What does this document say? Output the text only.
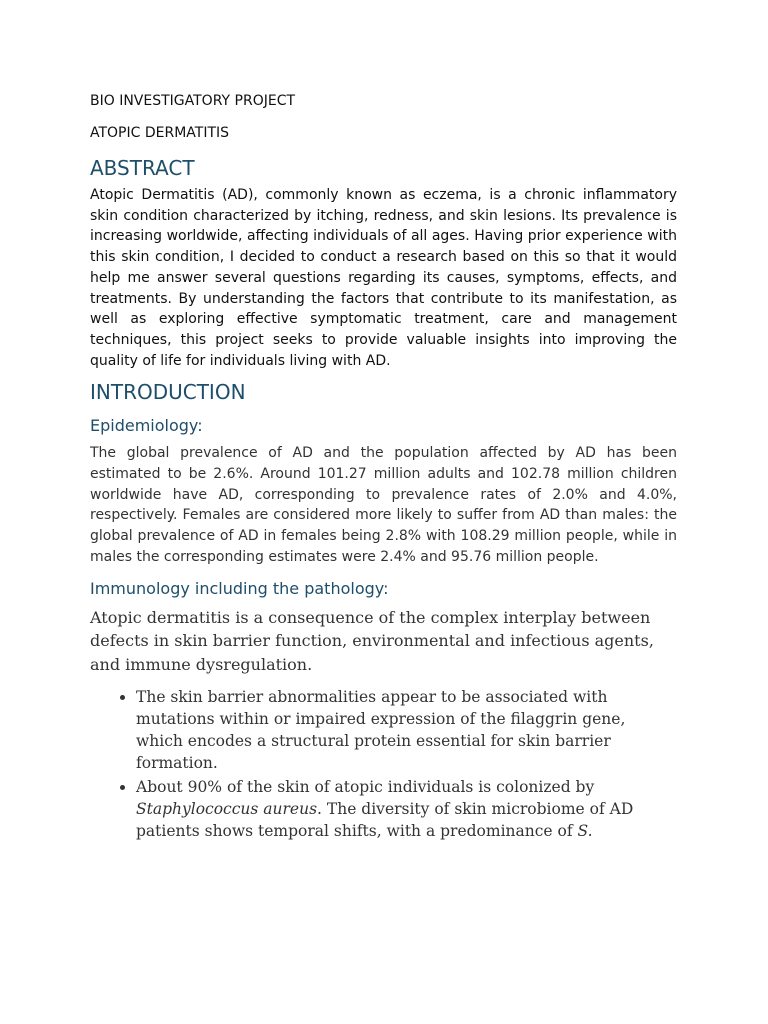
BIO INVESTIGATORY PROJECT
ATOPIC DERMATITIS
ABSTRACT

Atopic Dermatitis (AD), commonly known as eczema, is a chronic inflammatory skin condition characterized by itching, redness, and skin lesions. Its prevalence is increasing worldwide, affecting individuals of all ages. Having prior experience with this skin condition, I decided to conduct a research based on this so that it would help me answer several questions regarding its causes, symptoms, effects, and treatments. By understanding the factors that contribute to its manifestation, as well as exploring effective symptomatic treatment, care and management techniques, this project seeks to provide valuable insights into improving the quality of life for individuals living with AD.

INTRODUCTION
Epidemiology:

The global prevalence of AD and the population affected by AD has been estimated to be 2.6%. Around 101.27 million adults and 102.78 million children worldwide have AD, corresponding to prevalence rates of 2.0% and 4.0%, respectively. Females are considered more likely to suffer from AD than males: the global prevalence of AD in females being 2.8% with 108.29 million people, while in males the corresponding estimates were 2.4% and 95.76 million people.

Immunology including the pathology:

Atopic dermatitis is a consequence of the complex interplay between defects in skin barrier function, environmental and infectious agents, and immune dysregulation.

• The skin barrier abnormalities appear to be associated with mutations within or impaired expression of the filaggrin gene, which encodes a structural protein essential for skin barrier formation.
• About 90% of the skin of atopic individuals is colonized by Staphylococcus aureus. The diversity of skin microbiome of AD patients shows temporal shifts, with a predominance of S.
